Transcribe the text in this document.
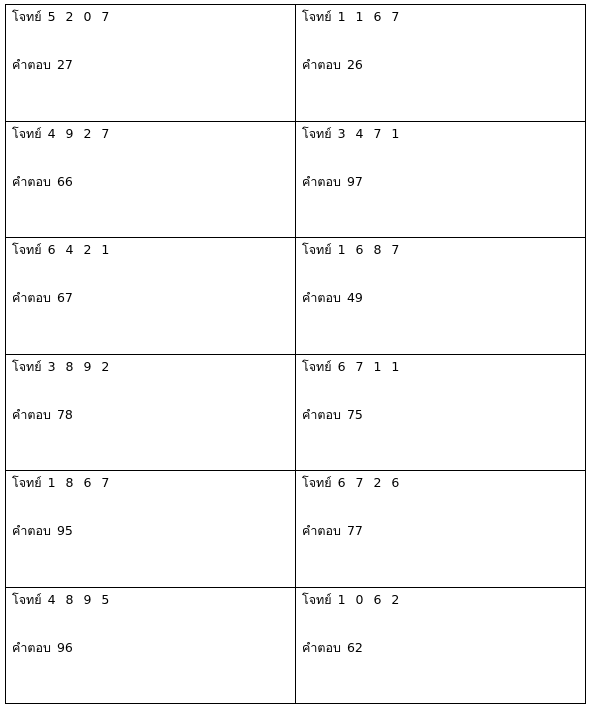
โจทย์ 5 2 0 7
คำตอบ 27
โจทย์ 1 1 6 7
คำตอบ 26
โจทย์ 4 9 2 7
คำตอบ 66
โจทย์ 3 4 7 1
คำตอบ 97
โจทย์ 6 4 2 1
คำตอบ 67
โจทย์ 1 6 8 7
คำตอบ 49
โจทย์ 3 8 9 2
คำตอบ 78
โจทย์ 6 7 1 1
คำตอบ 75
โจทย์ 1 8 6 7
คำตอบ 95
โจทย์ 6 7 2 6
คำตอบ 77
โจทย์ 4 8 9 5
คำตอบ 96
โจทย์ 1 0 6 2
คำตอบ 62
